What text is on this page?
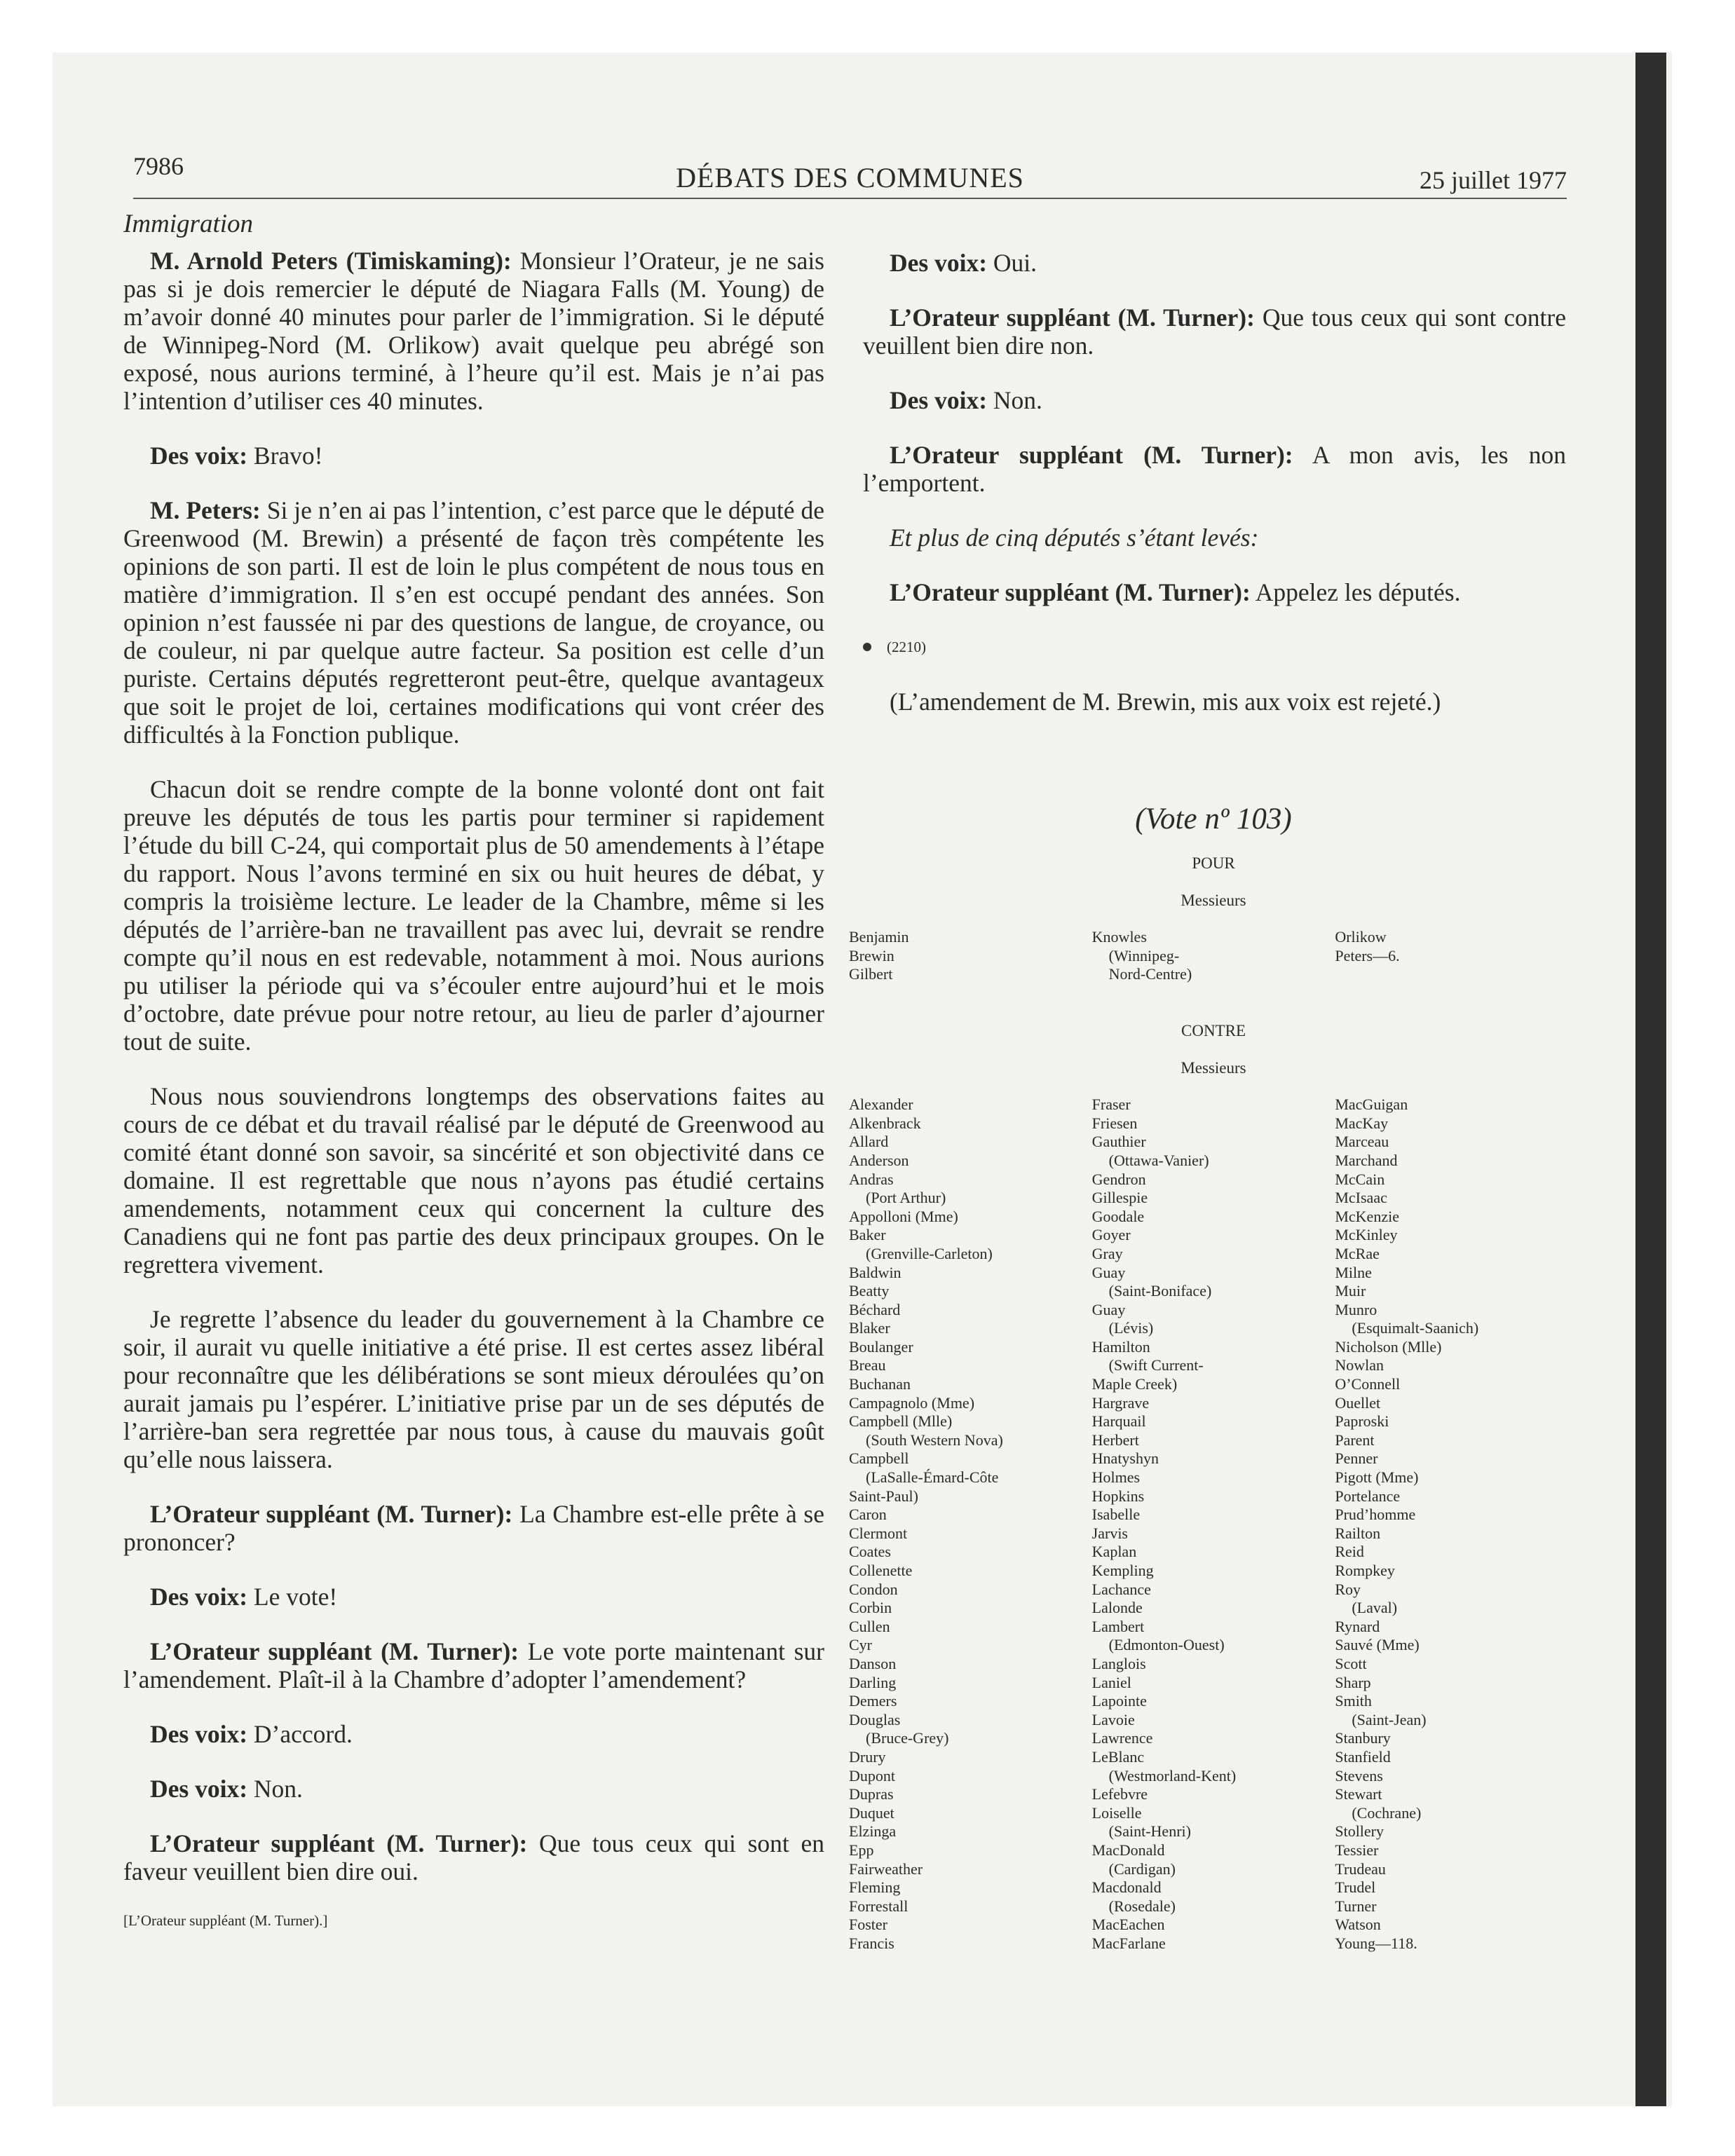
7986	DÉBATS DES COMMUNES	25 juillet 1977

Immigration

M. Arnold Peters (Timiskaming): Monsieur l’Orateur, je ne sais pas si je dois remercier le député de Niagara Falls (M. Young) de m’avoir donné 40 minutes pour parler de l’immigration. Si le député de Winnipeg-Nord (M. Orlikow) avait quelque peu abrégé son exposé, nous aurions terminé, à l’heure qu’il est. Mais je n’ai pas l’intention d’utiliser ces 40 minutes.

Des voix: Bravo!

M. Peters: Si je n’en ai pas l’intention, c’est parce que le député de Greenwood (M. Brewin) a présenté de façon très compétente les opinions de son parti. Il est de loin le plus compétent de nous tous en matière d’immigration. Il s’en est occupé pendant des années. Son opinion n’est faussée ni par des questions de langue, de croyance, ou de couleur, ni par quelque autre facteur. Sa position est celle d’un puriste. Certains députés regretteront peut-être, quelque avantageux que soit le projet de loi, certaines modifications qui vont créer des difficultés à la Fonction publique.

Chacun doit se rendre compte de la bonne volonté dont ont fait preuve les députés de tous les partis pour terminer si rapidement l’étude du bill C-24, qui comportait plus de 50 amendements à l’étape du rapport. Nous l’avons terminé en six ou huit heures de débat, y compris la troisième lecture. Le leader de la Chambre, même si les députés de l’arrière-ban ne travaillent pas avec lui, devrait se rendre compte qu’il nous en est redevable, notamment à moi. Nous aurions pu utiliser la période qui va s’écouler entre aujourd’hui et le mois d’octobre, date prévue pour notre retour, au lieu de parler d’ajourner tout de suite.

Nous nous souviendrons longtemps des observations faites au cours de ce débat et du travail réalisé par le député de Greenwood au comité étant donné son savoir, sa sincérité et son objectivité dans ce domaine. Il est regrettable que nous n’ayons pas étudié certains amendements, notamment ceux qui concernent la culture des Canadiens qui ne font pas partie des deux principaux groupes. On le regrettera vivement.

Je regrette l’absence du leader du gouvernement à la Chambre ce soir, il aurait vu quelle initiative a été prise. Il est certes assez libéral pour reconnaître que les délibérations se sont mieux déroulées qu’on aurait jamais pu l’espérer. L’initiative prise par un de ses députés de l’arrière-ban sera regrettée par nous tous, à cause du mauvais goût qu’elle nous laissera.

L’Orateur suppléant (M. Turner): La Chambre est-elle prête à se prononcer?

Des voix: Le vote!

L’Orateur suppléant (M. Turner): Le vote porte maintenant sur l’amendement. Plaît-il à la Chambre d’adopter l’amendement?

Des voix: D’accord.

Des voix: Non.

L’Orateur suppléant (M. Turner): Que tous ceux qui sont en faveur veuillent bien dire oui.

[L’Orateur suppléant (M. Turner).]

Des voix: Oui.

L’Orateur suppléant (M. Turner): Que tous ceux qui sont contre veuillent bien dire non.

Des voix: Non.

L’Orateur suppléant (M. Turner): A mon avis, les non l’emportent.

Et plus de cinq députés s’étant levés:

L’Orateur suppléant (M. Turner): Appelez les députés.

(2210)

(L’amendement de M. Brewin, mis aux voix est rejeté.)

(Vote nº 103)
POUR
Messieurs
Benjamin
Brewin
Gilbert
Knowles
(Winnipeg-
Nord-Centre)
Orlikow
Peters—6.
CONTRE
Messieurs
Alexander
Alkenbrack
Allard
Anderson
Andras
(Port Arthur)
Appolloni (Mme)
Baker
(Grenville-Carleton)
Baldwin
Beatty
Béchard
Blaker
Boulanger
Breau
Buchanan
Campagnolo (Mme)
Campbell (Mlle)
(South Western Nova)
Campbell
(LaSalle-Émard-Côte
Saint-Paul)
Caron
Clermont
Coates
Collenette
Condon
Corbin
Cullen
Cyr
Danson
Darling
Demers
Douglas
(Bruce-Grey)
Drury
Dupont
Dupras
Duquet
Elzinga
Epp
Fairweather
Fleming
Forrestall
Foster
Francis
Fraser
Friesen
Gauthier
(Ottawa-Vanier)
Gendron
Gillespie
Goodale
Goyer
Gray
Guay
(Saint-Boniface)
Guay
(Lévis)
Hamilton
(Swift Current-
Maple Creek)
Hargrave
Harquail
Herbert
Hnatyshyn
Holmes
Hopkins
Isabelle
Jarvis
Kaplan
Kempling
Lachance
Lalonde
Lambert
(Edmonton-Ouest)
Langlois
Laniel
Lapointe
Lavoie
Lawrence
LeBlanc
(Westmorland-Kent)
Lefebvre
Loiselle
(Saint-Henri)
MacDonald
(Cardigan)
Macdonald
(Rosedale)
MacEachen
MacFarlane
MacGuigan
MacKay
Marceau
Marchand
McCain
McIsaac
McKenzie
McKinley
McRae
Milne
Muir
Munro
(Esquimalt-Saanich)
Nicholson (Mlle)
Nowlan
O’Connell
Ouellet
Paproski
Parent
Penner
Pigott (Mme)
Portelance
Prud’homme
Railton
Reid
Rompkey
Roy
(Laval)
Rynard
Sauvé (Mme)
Scott
Sharp
Smith
(Saint-Jean)
Stanbury
Stanfield
Stevens
Stewart
(Cochrane)
Stollery
Tessier
Trudeau
Trudel
Turner
Watson
Young—118.
